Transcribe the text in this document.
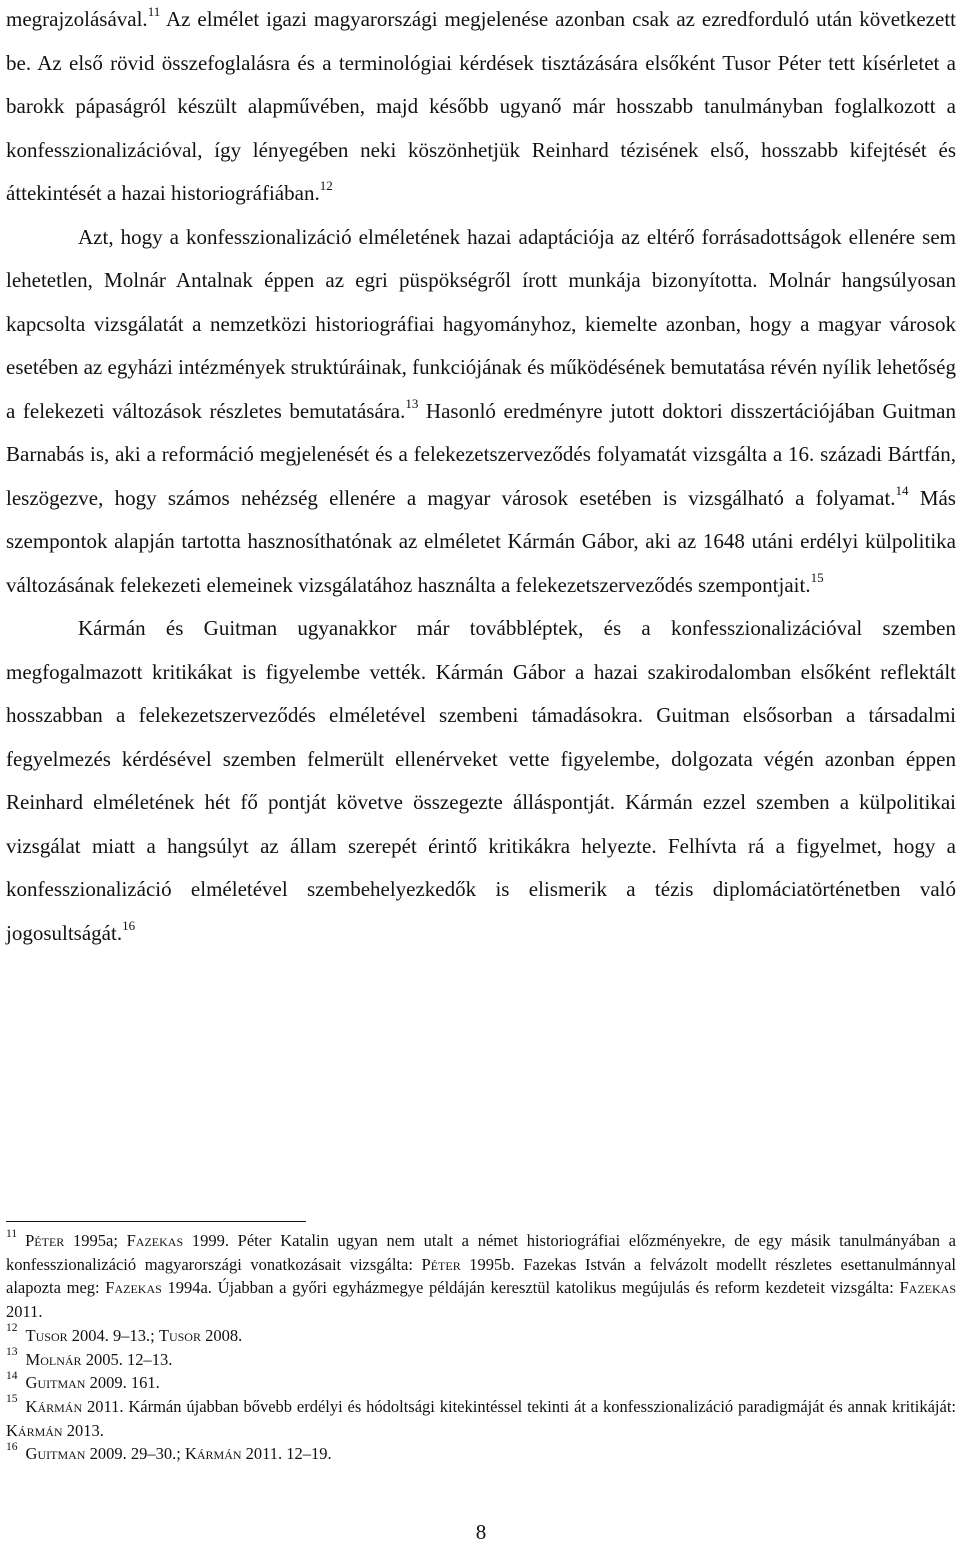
megrajzolásával.$^{11}$ Az elmélet igazi magyarországi megjelenése azonban csak az ezredforduló után következett be. Az első rövid összefoglalásra és a terminológiai kérdések tisztázására elsőként Tusor Péter tett kísérletet a barokk pápaságról készült alapművében, majd később ugyanő már hosszabb tanulmányban foglalkozott a konfesszionalizációval, így lényegében neki köszönhetjük Reinhard tézisének első, hosszabb kifejtését és áttekintését a hazai historiográfiában.$^{12}$

Azt, hogy a konfesszionalizáció elméletének hazai adaptációja az eltérő forrásadottságok ellenére sem lehetetlen, Molnár Antalnak éppen az egri püspökségről írott munkája bizonyította. Molnár hangsúlyosan kapcsolta vizsgálatát a nemzetközi historiográfiai hagyományhoz, kiemelte azonban, hogy a magyar városok esetében az egyházi intézmények struktúráinak, funkciójának és működésének bemutatása révén nyílik lehetőség a felekezeti változások részletes bemutatására.$^{13}$ Hasonló eredményre jutott doktori disszertációjában Guitman Barnabás is, aki a reformáció megjelenését és a felekezetszerveződés folyamatát vizsgálta a 16. századi Bártfán, leszögezve, hogy számos nehézség ellenére a magyar városok esetében is vizsgálható a folyamat.$^{14}$ Más szempontok alapján tartotta hasznosíthatónak az elméletet Kármán Gábor, aki az 1648 utáni erdélyi külpolitika változásának felekezeti elemeinek vizsgálatához használta a felekezetszerveződés szempontjait.$^{15}$

Kármán és Guitman ugyanakkor már továbbléptek, és a konfesszionalizációval szemben megfogalmazott kritikákat is figyelembe vették. Kármán Gábor a hazai szakirodalomban elsőként reflektált hosszabban a felekezetszerveződés elméletével szembeni támadásokra. Guitman elsősorban a társadalmi fegyelmezés kérdésével szemben felmerült ellenérveket vette figyelembe, dolgozata végén azonban éppen Reinhard elméletének hét fő pontját követve összegezte álláspontját. Kármán ezzel szemben a külpolitikai vizsgálat miatt a hangsúlyt az állam szerepét érintő kritikákra helyezte. Felhívta rá a figyelmet, hogy a konfesszionalizáció elméletével szembehelyezkedők is elismerik a tézis diplomáciatörténetben való jogosultságát.$^{16}$

$^{11}$ Péter 1995a; Fazekas 1999. Péter Katalin ugyan nem utalt a német historiográfiai előzményekre, de egy másik tanulmányában a konfesszionalizáció magyarországi vonatkozásait vizsgálta: Péter 1995b. Fazekas István a felvázolt modellt részletes esettanulmánnyal alapozta meg: Fazekas 1994a. Újabban a győri egyházmegye példáján keresztül katolikus megújulás és reform kezdeteit vizsgálta: Fazekas 2011.

$^{12}$ Tusor 2004. 9–13.; Tusor 2008.

$^{13}$ Molnár 2005. 12–13.

$^{14}$ Guitman 2009. 161.

$^{15}$ Kármán 2011. Kármán újabban bővebb erdélyi és hódoltsági kitekintéssel tekinti át a konfesszionalizáció paradigmáját és annak kritikáját: Kármán 2013.

$^{16}$ Guitman 2009. 29–30.; Kármán 2011. 12–19.

8
